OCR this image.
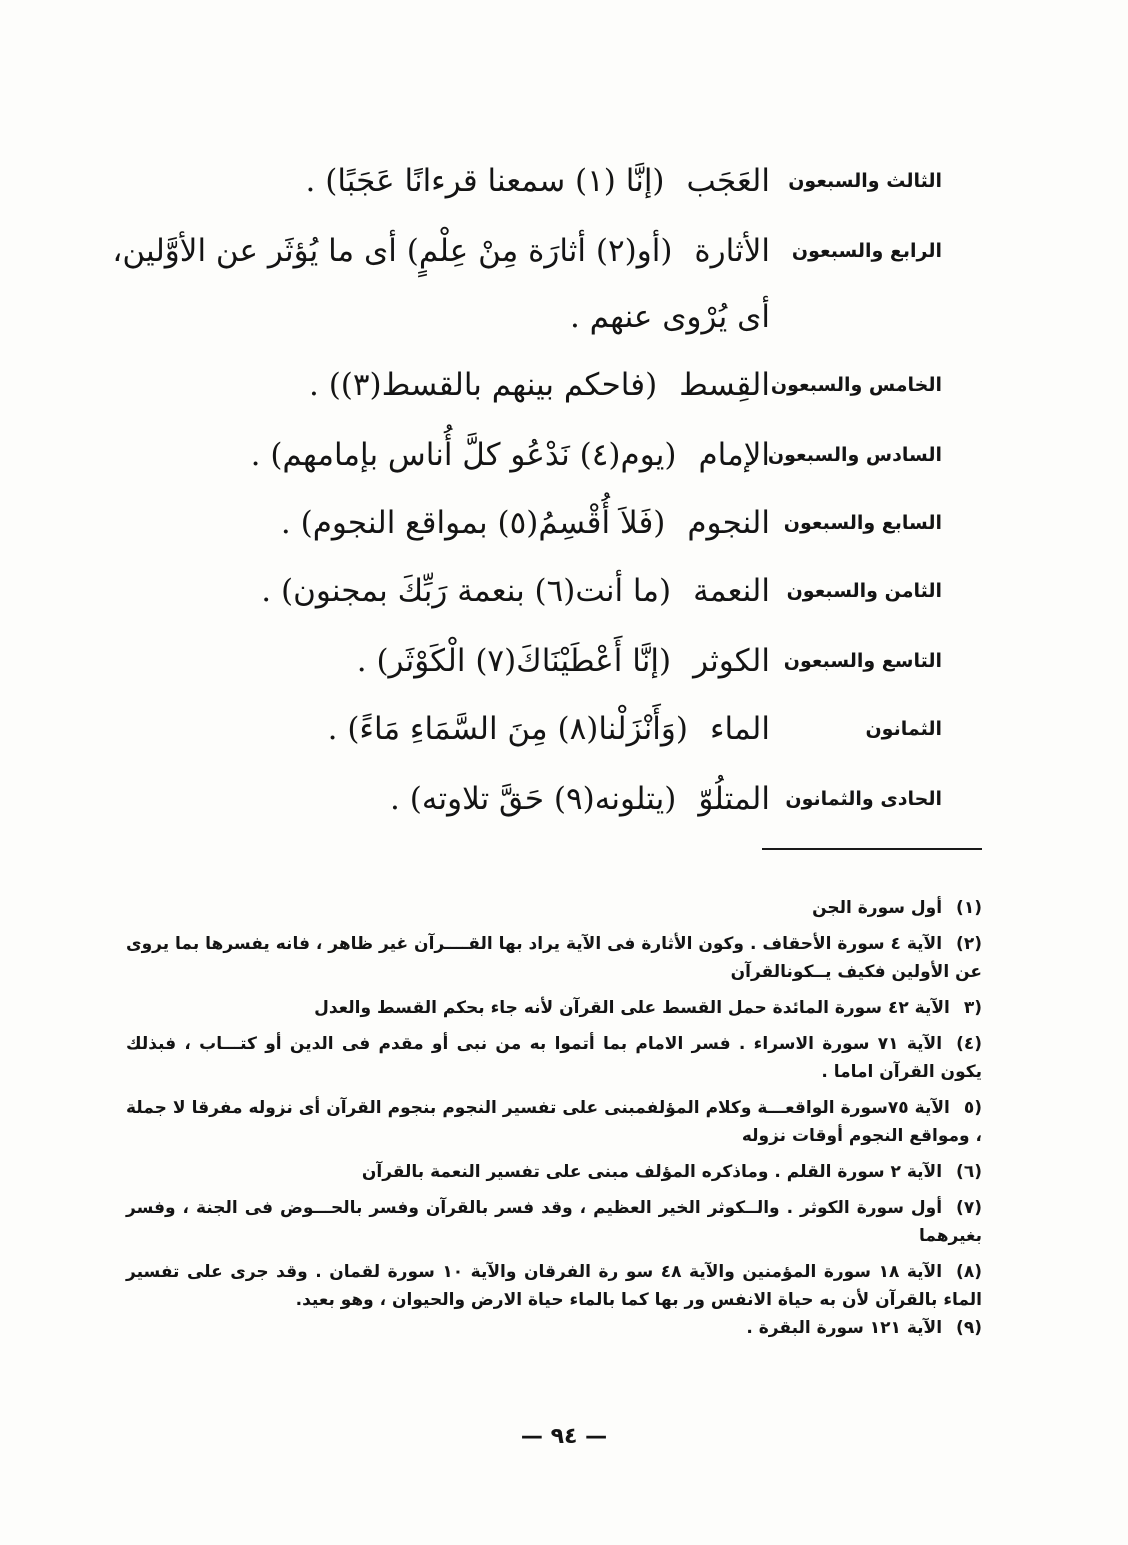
الثالث والسبعون
العَجَب(إنَّا (١) سمعنا قرءانًا عَجَبًا) .
الرابع والسبعون
الأثارة(أو(٢) أثارَة مِنْ عِلْمٍ) أى ما يُؤثَر عن الأوَّلين،
أى يُرْوى عنهم .
الخامس والسبعون
القِسط(فاحكم بينهم بالقسط(٣)) .
السادس والسبعون
الإمام(يوم(٤) نَدْعُو كلَّ أُناس بإمامهم) .
السابع والسبعون
النجوم(فَلاَ أُقْسِمُ(٥) بمواقع النجوم) .
الثامن والسبعون
النعمة(ما أنت(٦) بنعمة رَبِّكَ بمجنون) .
التاسع والسبعون
الكوثر(إنَّا أَعْطَيْنَاكَ(٧) الْكَوْثَر) .
الثمانون
الماء(وَأَنْزَلْنا(٨) مِنَ السَّمَاءِ مَاءً) .
الحادى والثمانون
المتلُوّ(يتلونه(٩) حَقَّ تلاوته) .

(١)أول سورة الجن

(٢)الآية ٤ سورة الأحقاف . وكون الأثارة فى الآية يراد بها القــــرآن غير ظاهر ، فانه يفسرها بما يروى عن الأولين فكيف يــكونالقرآن

(٣الآية ٤٢ سورة المائدة حمل القسط على القرآن لأنه جاء بحكم القسط والعدل

(٤)الآية ٧١ سورة الاسراء . فسر الامام بما أتموا به من نبى أو مقدم فى الدين أو كتـــاب ، فبذلك يكون القرآن اماما .

(٥الآية ٧٥سورة الواقعـــة وكلام المؤلفمبنى على تفسير النجوم بنجوم القرآن أى نزوله مفرقا لا جملة ، ومواقع النجوم أوقات نزوله

(٦)الآية ٢ سورة القلم . وماذكره المؤلف مبنى على تفسير النعمة بالقرآن

(٧)أول سورة الكوثر . والــكوثر الخير العظيم ، وقد فسر بالقرآن وفسر بالحـــوض فى الجنة ، وفسر بغيرهما

(٨)الآية ١٨ سورة المؤمنين والآية ٤٨ سو رة الفرقان والآية ١٠ سورة لقمان . وقد جرى على تفسير الماء بالقرآن لأن به حياة الانفس ور بها كما بالماء حياة الارض والحيوان ، وهو بعيد.

(٩)الآية ١٢١ سورة البقرة .

— ٩٤ —
